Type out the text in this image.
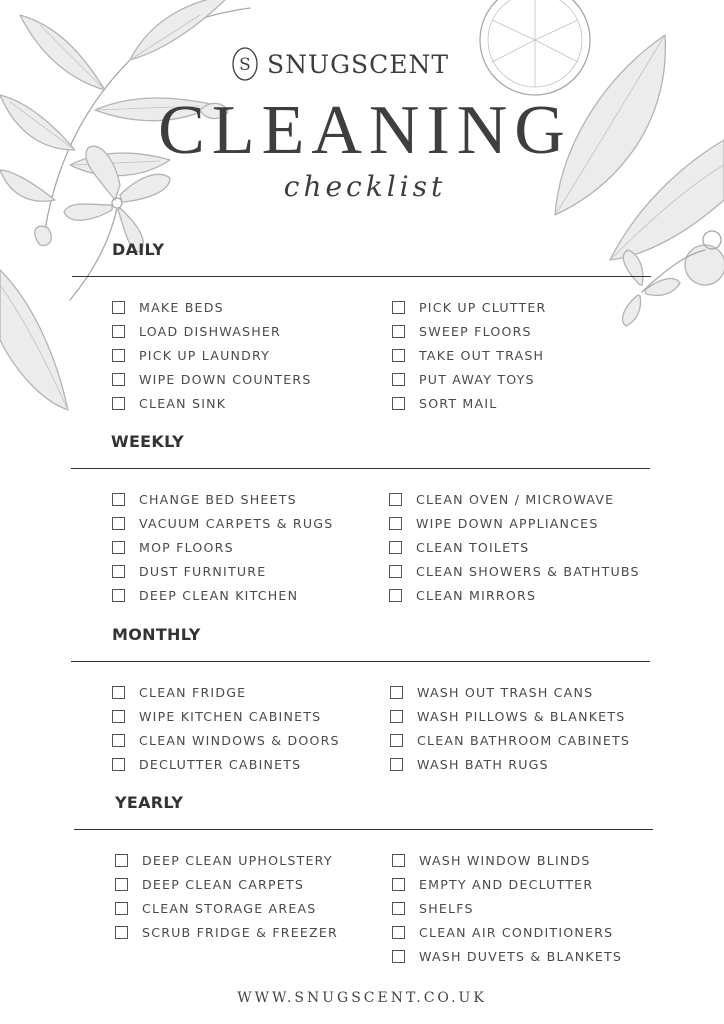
S SNUGSCENT
CLEANING
checklist
DAILY
MAKE BEDS
LOAD DISHWASHER
PICK UP LAUNDRY
WIPE DOWN COUNTERS
CLEAN SINK
PICK UP CLUTTER
SWEEP FLOORS
TAKE OUT TRASH
PUT AWAY TOYS
SORT MAIL
WEEKLY
CHANGE BED SHEETS
VACUUM CARPETS & RUGS
MOP FLOORS
DUST FURNITURE
DEEP CLEAN KITCHEN
CLEAN OVEN / MICROWAVE
WIPE DOWN APPLIANCES
CLEAN TOILETS
CLEAN SHOWERS & BATHTUBS
CLEAN MIRRORS
MONTHLY
CLEAN FRIDGE
WIPE KITCHEN CABINETS
CLEAN WINDOWS & DOORS
DECLUTTER CABINETS
WASH OUT TRASH CANS
WASH PILLOWS & BLANKETS
CLEAN BATHROOM CABINETS
WASH BATH RUGS
YEARLY
DEEP CLEAN UPHOLSTERY
DEEP CLEAN CARPETS
CLEAN STORAGE AREAS
SCRUB FRIDGE & FREEZER
WASH WINDOW BLINDS
EMPTY AND DECLUTTER
SHELFS
CLEAN AIR CONDITIONERS
WASH DUVETS & BLANKETS
WWW.SNUGSCENT.CO.UK
